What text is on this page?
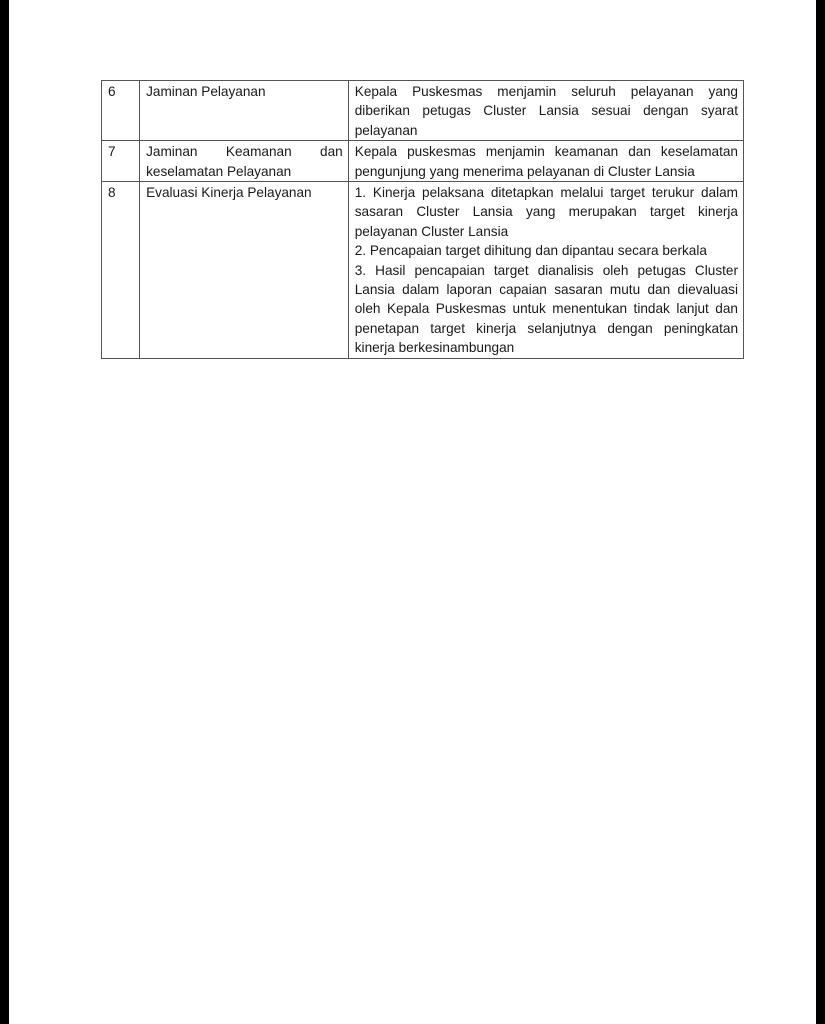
6	Jaminan Pelayanan	Kepala Puskesmas menjamin seluruh pelayanan yang diberikan petugas Cluster Lansia sesuai dengan syarat pelayanan
7	Jaminan Keamanan dan
keselamatan Pelayanan	Kepala puskesmas menjamin keamanan dan keselamatan pengunjung yang menerima pelayanan di Cluster Lansia
8	Evaluasi Kinerja Pelayanan	1. Kinerja pelaksana ditetapkan melalui target terukur dalam sasaran Cluster Lansia yang merupakan target kinerja pelayanan Cluster Lansia
2. Pencapaian target dihitung dan dipantau secara berkala
3. Hasil pencapaian target dianalisis oleh petugas Cluster Lansia dalam laporan capaian sasaran mutu dan dievaluasi oleh Kepala Puskesmas untuk menentukan tindak lanjut dan penetapan target kinerja selanjutnya dengan peningkatan kinerja berkesinambungan
